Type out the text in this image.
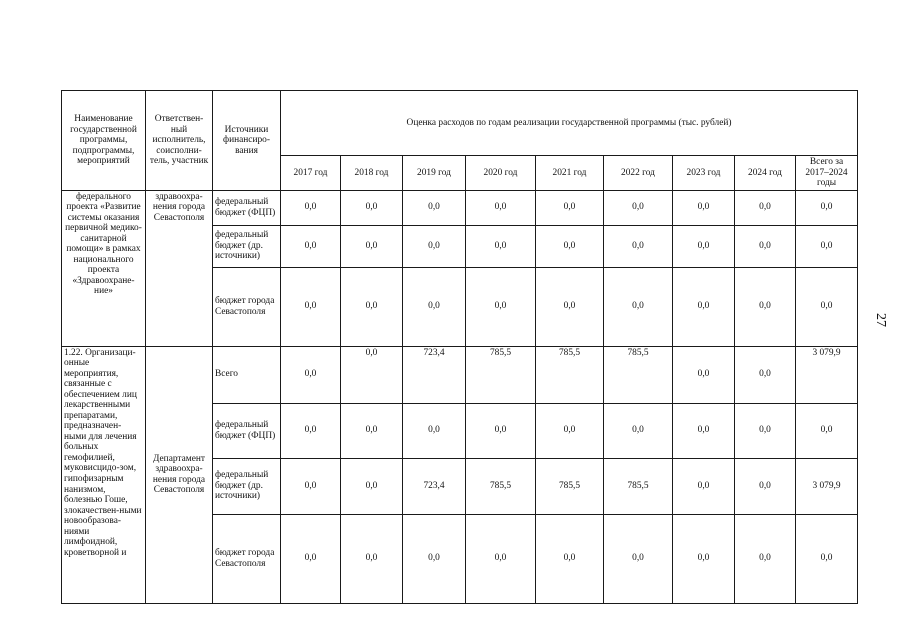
27
Наименование государственной программы, подпрограммы, мероприятий	Ответствен-ный исполнитель, соисполни-тель, участник	Источники финансиро-вания	Оценка расходов по годам реализации государственной программы (тыс. рублей)								
			2017 год	2018 год	2019 год	2020 год	2021 год	2022 год	2023 год	2024 год	Всего за 2017–2024 годы
федерального проекта «Развитие системы оказания первичной медико-санитарной помощи» в рамках национального проекта «Здравоохране-ние»	здравоохра-нения города Севастополя	федеральный бюджет (ФЦП)	0,0	0,0	0,0	0,0	0,0	0,0	0,0	0,0	0,0
		федеральный бюджет (др. источники)	0,0	0,0	0,0	0,0	0,0	0,0	0,0	0,0	0,0
		бюджет города Севастополя	0,0	0,0	0,0	0,0	0,0	0,0	0,0	0,0	0,0
1.22. Организаци-онные мероприятия, связанные с обеспечением лиц лекарственными препаратами, предназначен-ными для лечения больных гемофилией, муковисцидо-зом, гипофизарным нанизмом, болезнью Гоше, злокачествен-ными новообразова-ниями лимфоидной, кроветворной и	Департамент здравоохра-нения города Севастополя	Всего	0,0	0,0	723,4	785,5	785,5	785,5	0,0	0,0	3 079,9
		федеральный бюджет (ФЦП)	0,0	0,0	0,0	0,0	0,0	0,0	0,0	0,0	0,0
		федеральный бюджет (др. источники)	0,0	0,0	723,4	785,5	785,5	785,5	0,0	0,0	3 079,9
		бюджет города Севастополя	0,0	0,0	0,0	0,0	0,0	0,0	0,0	0,0	0,0
